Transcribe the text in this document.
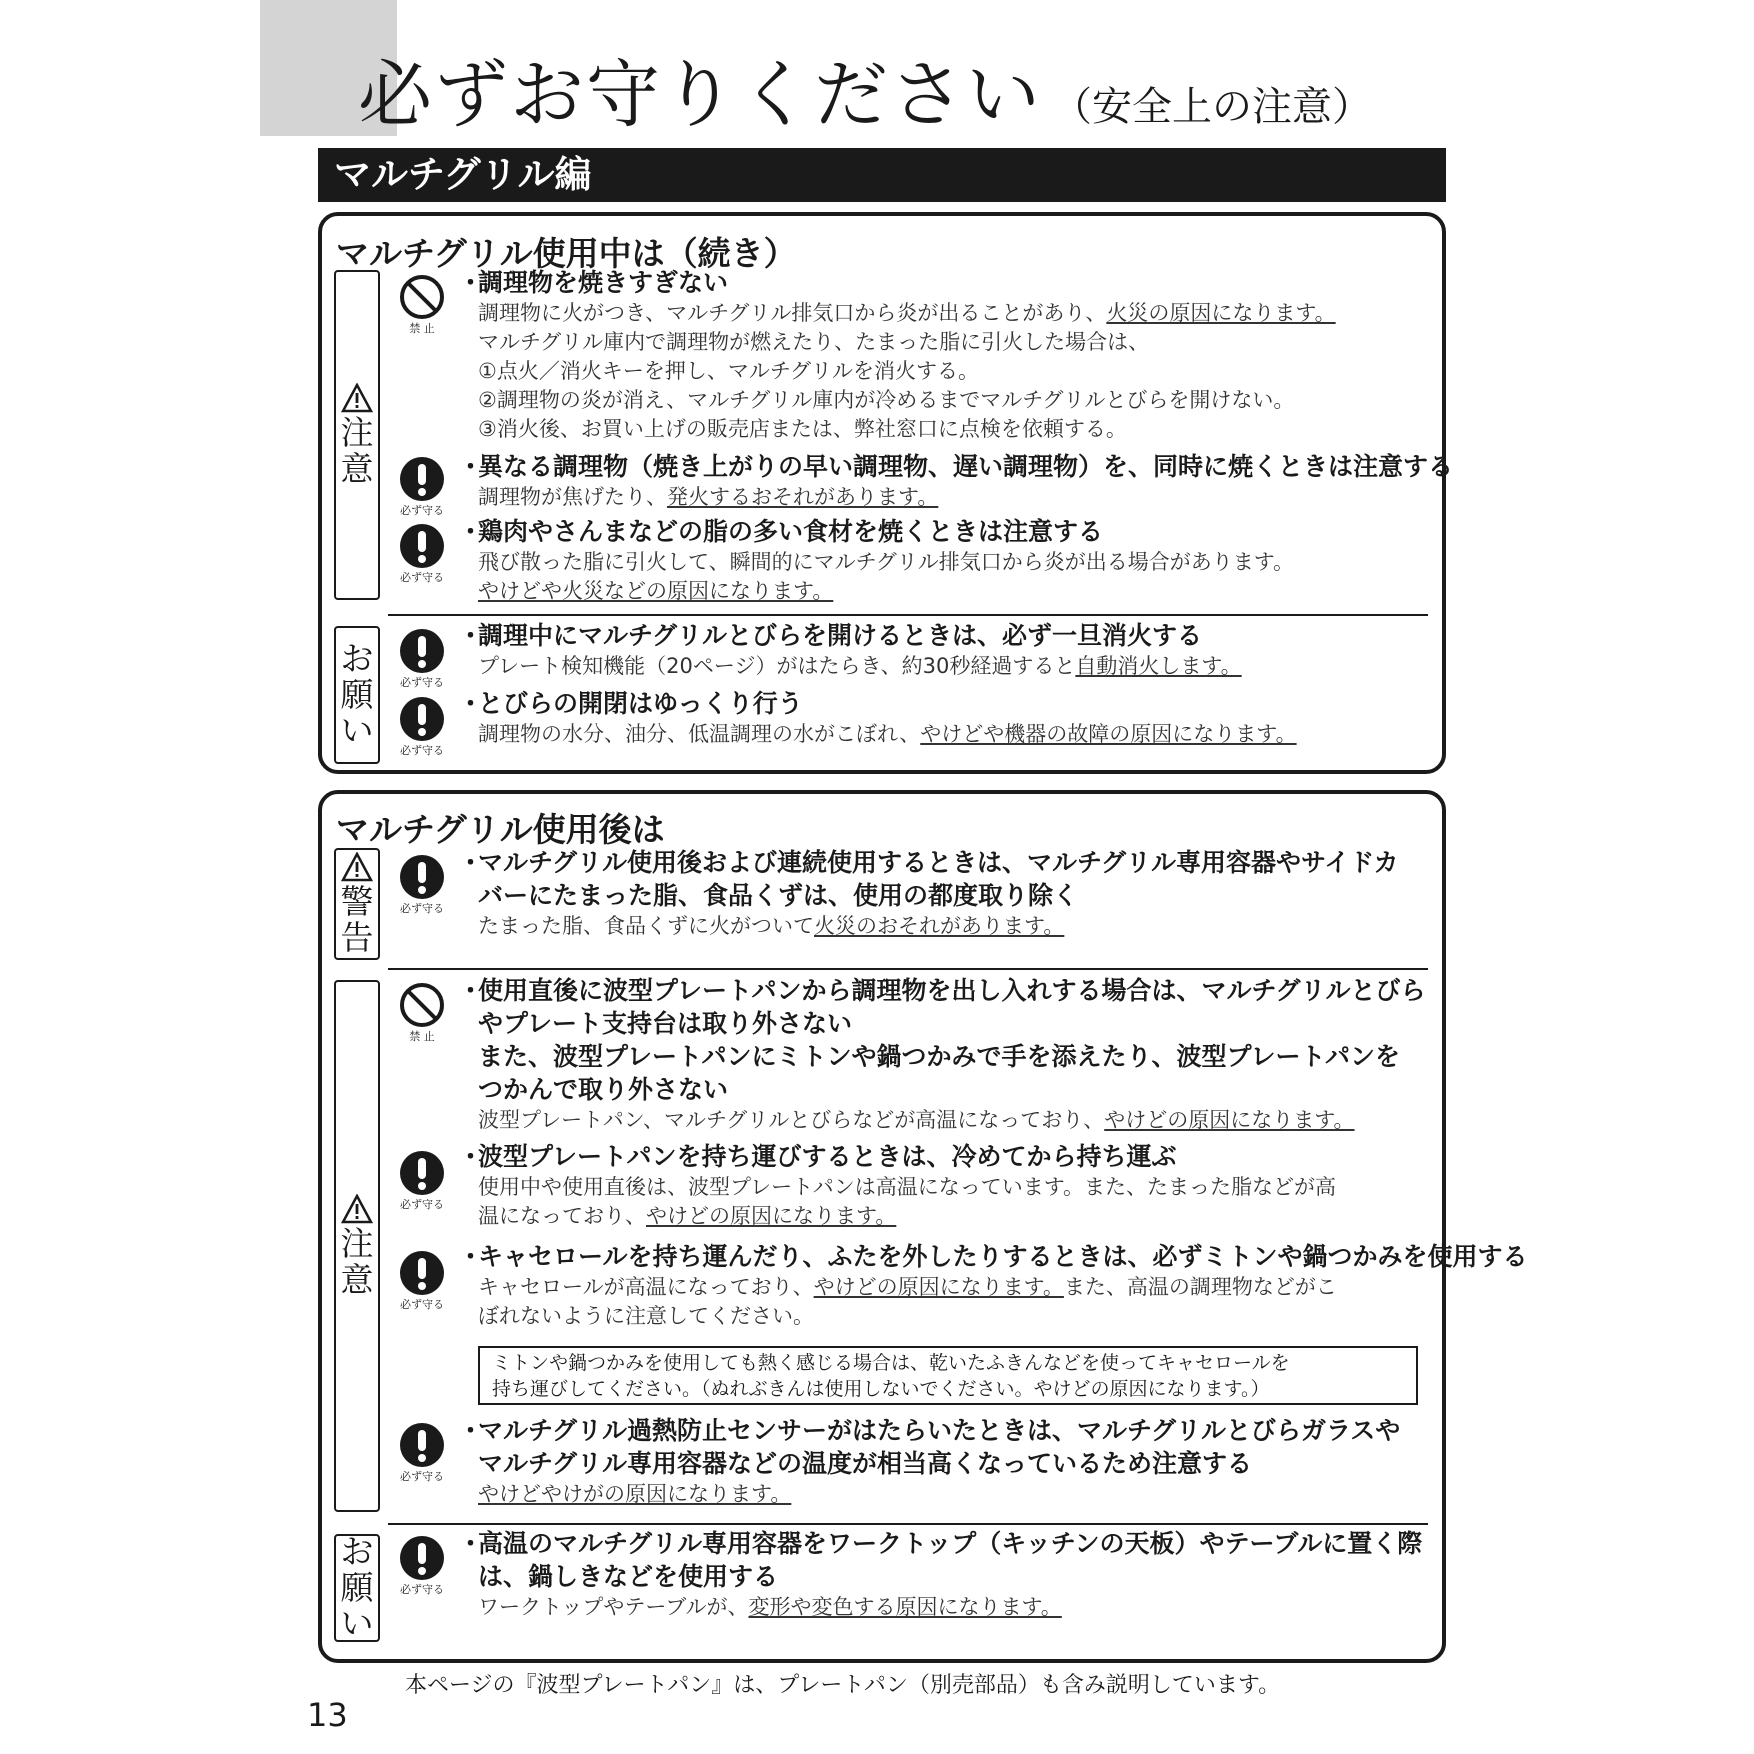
必ずお守りください （安全上の注意）
マルチグリル編
マルチグリル使用中は（続き）
注意
お願い
禁 止
必ず守る
必ず守る
必ず守る
必ず守る
・調理物を焼きすぎない
調理物に火がつき、マルチグリル排気口から炎が出ることがあり、火災の原因になります。
マルチグリル庫内で調理物が燃えたり、たまった脂に引火した場合は、
①点火／消火キーを押し、マルチグリルを消火する。
②調理物の炎が消え、マルチグリル庫内が冷めるまでマルチグリルとびらを開けない。
③消火後、お買い上げの販売店または、弊社窓口に点検を依頼する。
・異なる調理物（焼き上がりの早い調理物、遅い調理物）を、同時に焼くときは注意する
調理物が焦げたり、発火するおそれがあります。
・鶏肉やさんまなどの脂の多い食材を焼くときは注意する
飛び散った脂に引火して、瞬間的にマルチグリル排気口から炎が出る場合があります。
やけどや火災などの原因になります。
・調理中にマルチグリルとびらを開けるときは、必ず一旦消火する
プレート検知機能（20ページ）がはたらき、約30秒経過すると自動消火します。
・とびらの開閉はゆっくり行う
調理物の水分、油分、低温調理の水がこぼれ、やけどや機器の故障の原因になります。
マルチグリル使用後は
警告
注意
お願い
必ず守る
禁 止
必ず守る
必ず守る
必ず守る
必ず守る
・マルチグリル使用後および連続使用するときは、マルチグリル専用容器やサイドカ
バーにたまった脂、食品くずは、使用の都度取り除く
たまった脂、食品くずに火がついて火災のおそれがあります。
・使用直後に波型プレートパンから調理物を出し入れする場合は、マルチグリルとびら
やプレート支持台は取り外さない
また、波型プレートパンにミトンや鍋つかみで手を添えたり、波型プレートパンを
つかんで取り外さない
波型プレートパン、マルチグリルとびらなどが高温になっており、やけどの原因になります。
・波型プレートパンを持ち運びするときは、冷めてから持ち運ぶ
使用中や使用直後は、波型プレートパンは高温になっています。また、たまった脂などが高
温になっており、やけどの原因になります。
・キャセロールを持ち運んだり、ふたを外したりするときは、必ずミトンや鍋つかみを使用する
キャセロールが高温になっており、やけどの原因になります。また、高温の調理物などがこ
ぼれないように注意してください。
ミトンや鍋つかみを使用しても熱く感じる場合は、乾いたふきんなどを使ってキャセロールを
持ち運びしてください。（ぬれぶきんは使用しないでください。やけどの原因になります。）
・マルチグリル過熱防止センサーがはたらいたときは、マルチグリルとびらガラスや
マルチグリル専用容器などの温度が相当高くなっているため注意する
やけどやけがの原因になります。
・高温のマルチグリル専用容器をワークトップ（キッチンの天板）やテーブルに置く際
は、鍋しきなどを使用する
ワークトップやテーブルが、変形や変色する原因になります。
本ページの『波型プレートパン』は、プレートパン（別売部品）も含み説明しています。
13
